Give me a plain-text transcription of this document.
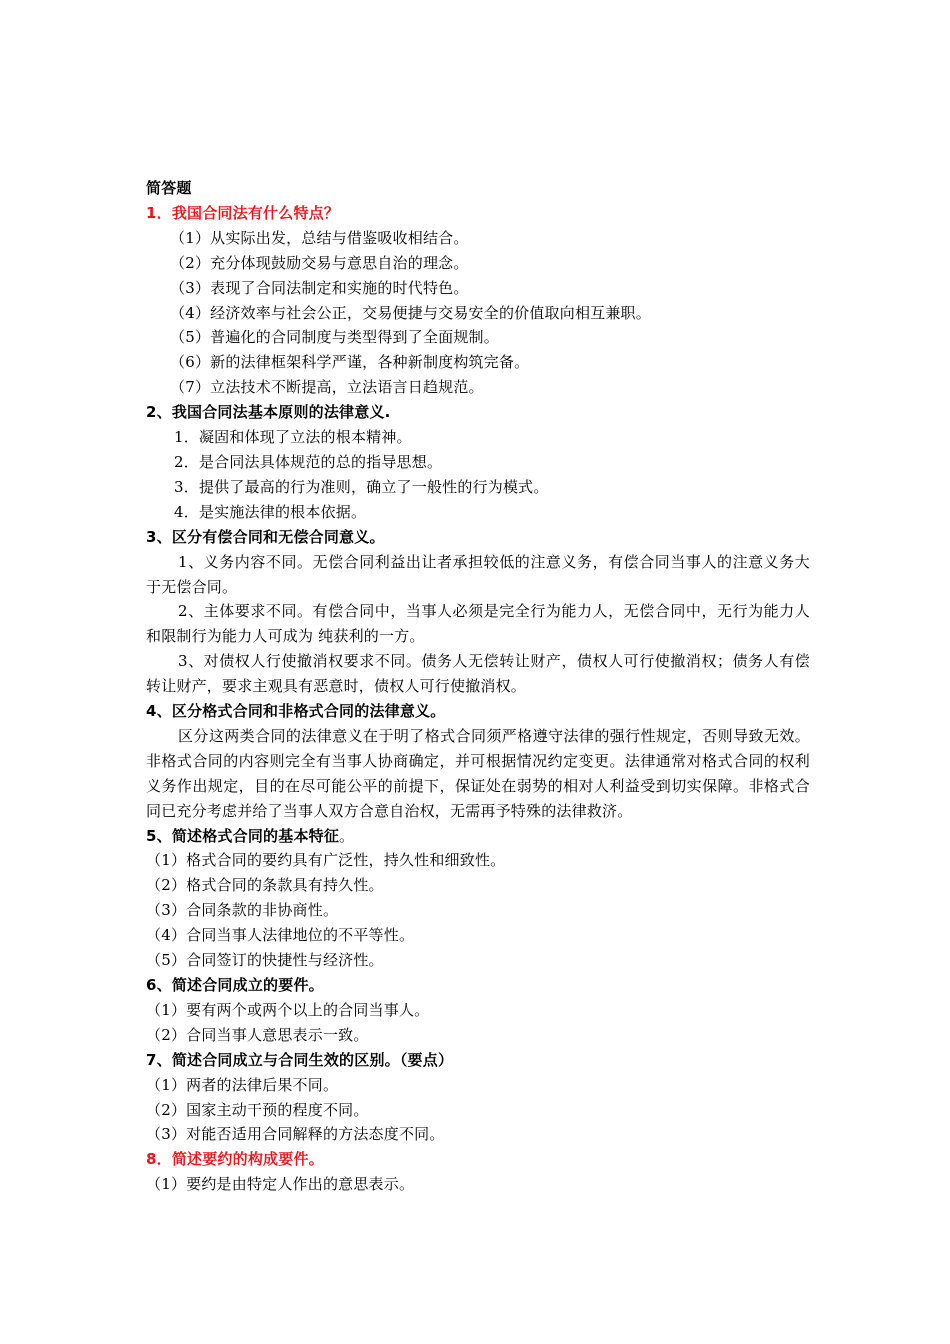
简答题
1．我国合同法有什么特点？
（1）从实际出发，总结与借鉴吸收相结合。
（2）充分体现鼓励交易与意思自治的理念。
（3）表现了合同法制定和实施的时代特色。
（4）经济效率与社会公正，交易便捷与交易安全的价值取向相互兼职。
（5）普遍化的合同制度与类型得到了全面规制。
（6）新的法律框架科学严谨，各种新制度构筑完备。
（7）立法技术不断提高，立法语言日趋规范。
2、我国合同法基本原则的法律意义.
1．凝固和体现了立法的根本精神。
2．是合同法具体规范的总的指导思想。
3．提供了最高的行为准则，确立了一般性的行为模式。
4．是实施法律的根本依据。
3、区分有偿合同和无偿合同意义。
1、义务内容不同。无偿合同利益出让者承担较低的注意义务，有偿合同当事人的注意义务大于无偿合同。
2、主体要求不同。有偿合同中，当事人必须是完全行为能力人，无偿合同中，无行为能力人和限制行为能力人可成为 纯获利的一方。
3、对债权人行使撤消权要求不同。债务人无偿转让财产，债权人可行使撤消权；债务人有偿转让财产，要求主观具有恶意时，债权人可行使撤消权。
4、区分格式合同和非格式合同的法律意义。
区分这两类合同的法律意义在于明了格式合同须严格遵守法律的强行性规定，否则导致无效。非格式合同的内容则完全有当事人协商确定，并可根据情况约定变更。法律通常对格式合同的权利义务作出规定，目的在尽可能公平的前提下，保证处在弱势的相对人利益受到切实保障。非格式合同已充分考虑并给了当事人双方合意自治权，无需再予特殊的法律救济。
5、简述格式合同的基本特征。
（1）格式合同的要约具有广泛性，持久性和细致性。
（2）格式合同的条款具有持久性。
（3）合同条款的非协商性。
（4）合同当事人法律地位的不平等性。
（5）合同签订的快捷性与经济性。
6、简述合同成立的要件。
（1）要有两个或两个以上的合同当事人。
（2）合同当事人意思表示一致。
7、简述合同成立与合同生效的区别。（要点）
（1）两者的法律后果不同。
（2）国家主动干预的程度不同。
（3）对能否适用合同解释的方法态度不同。
8．简述要约的构成要件。
（1）要约是由特定人作出的意思表示。
